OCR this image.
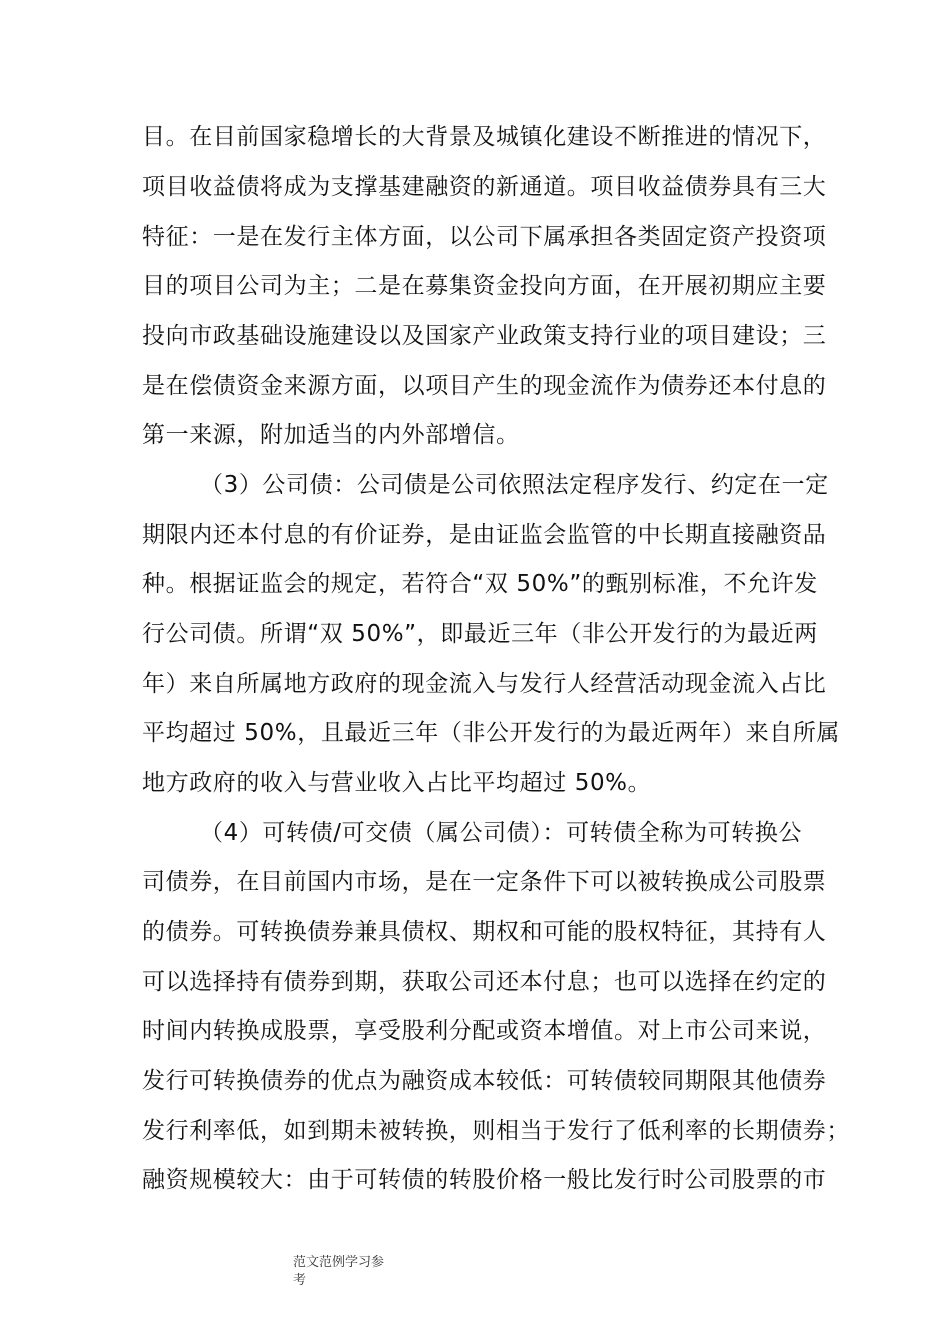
目。在目前国家稳增长的大背景及城镇化建设不断推进的情况下，
项目收益债将成为支撑基建融资的新通道。项目收益债券具有三大
特征：一是在发行主体方面，以公司下属承担各类固定资产投资项
目的项目公司为主；二是在募集资金投向方面，在开展初期应主要
投向市政基础设施建设以及国家产业政策支持行业的项目建设；三
是在偿债资金来源方面，以项目产生的现金流作为债券还本付息的
第一来源，附加适当的内外部增信。
（3）公司债：公司债是公司依照法定程序发行、约定在一定
期限内还本付息的有价证券，是由证监会监管的中长期直接融资品
种。根据证监会的规定，若符合“双 50%”的甄别标准，不允许发
行公司债。所谓“双 50%”，即最近三年（非公开发行的为最近两
年）来自所属地方政府的现金流入与发行人经营活动现金流入占比
平均超过 50%，且最近三年（非公开发行的为最近两年）来自所属
地方政府的收入与营业收入占比平均超过 50%。
（4）可转债/可交债（属公司债）：可转债全称为可转换公
司债券，在目前国内市场，是在一定条件下可以被转换成公司股票
的债券。可转换债券兼具债权、期权和可能的股权特征，其持有人
可以选择持有债券到期，获取公司还本付息；也可以选择在约定的
时间内转换成股票，享受股利分配或资本增值。对上市公司来说，
发行可转换债券的优点为融资成本较低：可转债较同期限其他债券
发行利率低，如到期未被转换，则相当于发行了低利率的长期债券；
融资规模较大：由于可转债的转股价格一般比发行时公司股票的市
范文范例学习参
考
